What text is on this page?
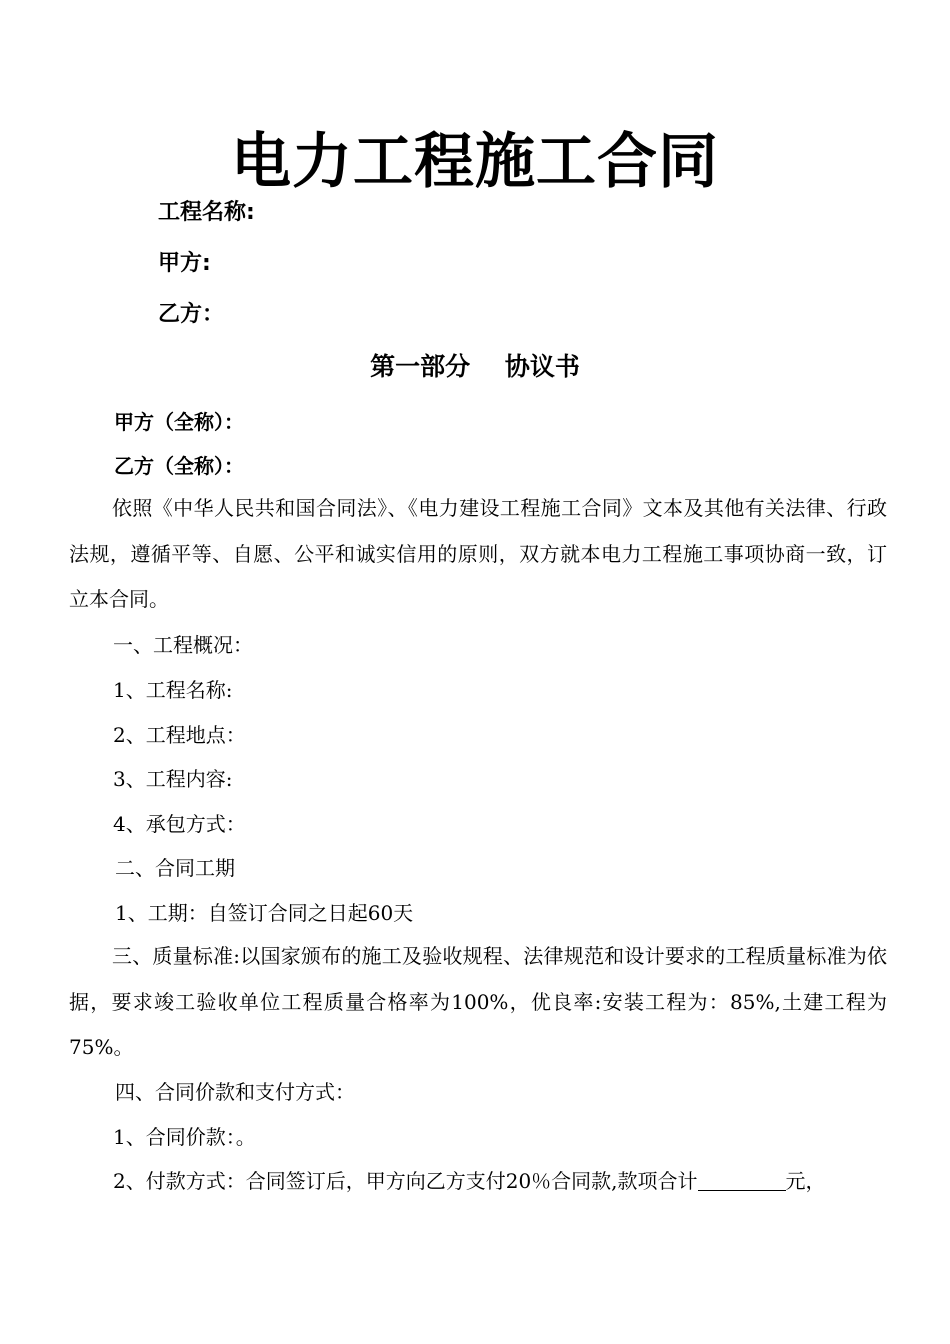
电力工程施工合同
工程名称:
甲方:
乙方：
第一部分    协议书
甲方（全称）：
乙方（全称）：
依照《中华人民共和国合同法》、《电力建设工程施工合同》文本及其他有关法律、行政法规，遵循平等、自愿、公平和诚实信用的原则，双方就本电力工程施工事项协商一致，订立本合同。
一、工程概况：
1、工程名称:
2、工程地点：
3、工程内容:
4、承包方式：
二、合同工期
1、工期：自签订合同之日起60天
三、质量标准:以国家颁布的施工及验收规程、法律规范和设计要求的工程质量标准为依据，要求竣工验收单位工程质量合格率为100%，优良率:安装工程为：85%,土建工程为75%。
四、合同价款和支付方式：
1、合同价款：。
2、付款方式：合同签订后，甲方向乙方支付20％合同款,款项合计	元，
